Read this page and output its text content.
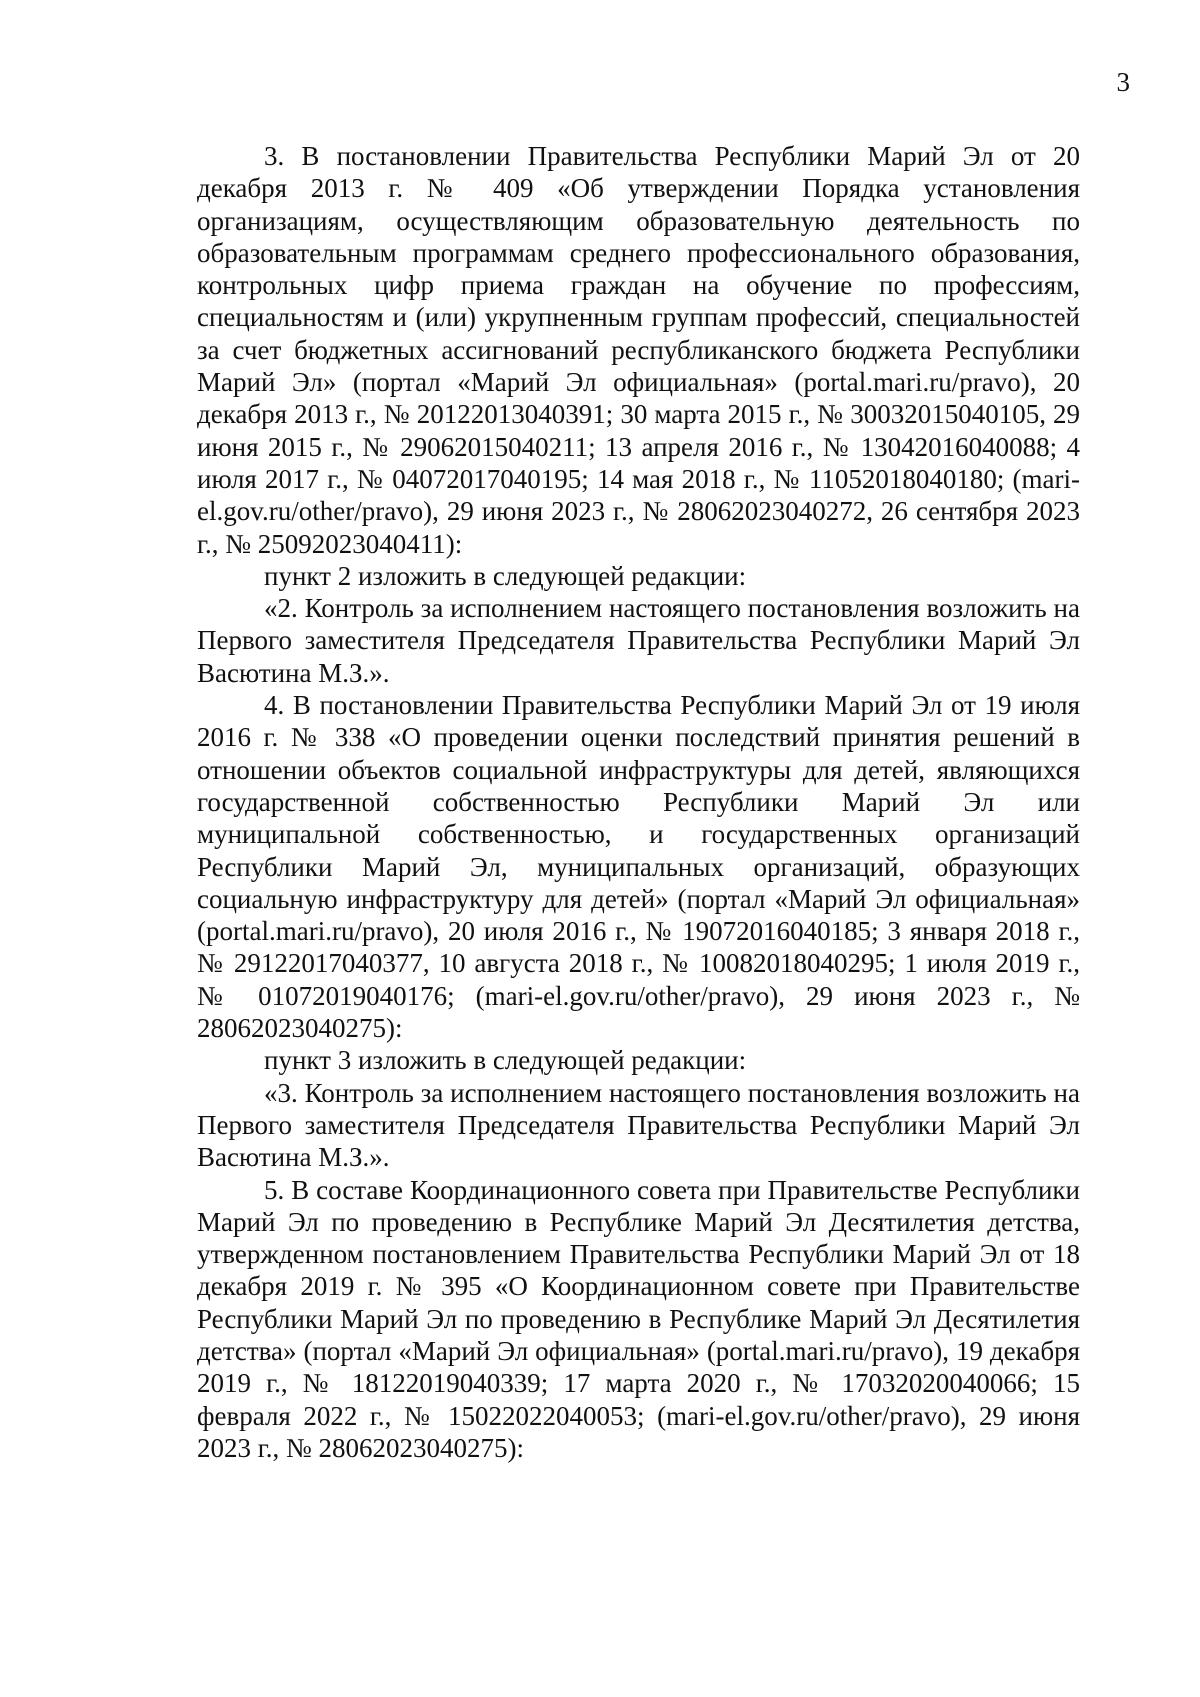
3

3. В постановлении Правительства Республики Марий Эл от 20 декабря 2013 г. № 409 «Об утверждении Порядка установления организациям, осуществляющим образовательную деятельность по образовательным программам среднего профессионального образования, контрольных цифр приема граждан на обучение по профессиям, специальностям и (или) укрупненным группам профессий, специальностей за счет бюджетных ассигнований республиканского бюджета Республики Марий Эл» (портал «Марий Эл официальная» (portal.mari.ru/pravo), 20 декабря 2013 г., № 20122013040391; 30 марта 2015 г., № 30032015040105, 29 июня 2015 г., № 29062015040211; 13 апреля 2016 г., № 13042016040088; 4 июля 2017 г., № 04072017040195; 14 мая 2018 г., № 11052018040180; (mari-el.gov.ru/other/pravo), 29 июня 2023 г., № 28062023040272, 26 сентября 2023 г., № 25092023040411):

пункт 2 изложить в следующей редакции:

«2. Контроль за исполнением настоящего постановления возложить на Первого заместителя Председателя Правительства Республики Марий Эл Васютина М.З.».

4. В постановлении Правительства Республики Марий Эл от 19 июля 2016 г. № 338 «О проведении оценки последствий принятия решений в отношении объектов социальной инфраструктуры для детей, являющихся государственной собственностью Республики Марий Эл или муниципальной собственностью, и государственных организаций Республики Марий Эл, муниципальных организаций, образующих социальную инфраструктуру для детей» (портал «Марий Эл официальная» (portal.mari.ru/pravo), 20 июля 2016 г., № 19072016040185; 3 января 2018 г., № 29122017040377, 10 августа 2018 г., № 10082018040295; 1 июля 2019 г., № 01072019040176; (mari-el.gov.ru/other/pravo), 29 июня 2023 г., № 28062023040275):

пункт 3 изложить в следующей редакции:

«3. Контроль за исполнением настоящего постановления возложить на Первого заместителя Председателя Правительства Республики Марий Эл Васютина М.З.».

5. В составе Координационного совета при Правительстве Республики Марий Эл по проведению в Республике Марий Эл Десятилетия детства, утвержденном постановлением Правительства Республики Марий Эл от 18 декабря 2019 г. № 395 «О Координационном совете при Правительстве Республики Марий Эл по проведению в Республике Марий Эл Десятилетия детства» (портал «Марий Эл официальная» (portal.mari.ru/pravo), 19 декабря 2019 г., № 18122019040339; 17 марта 2020 г., № 17032020040066; 15 февраля 2022 г., № 15022022040053; (mari-el.gov.ru/other/pravo), 29 июня 2023 г., № 28062023040275):
